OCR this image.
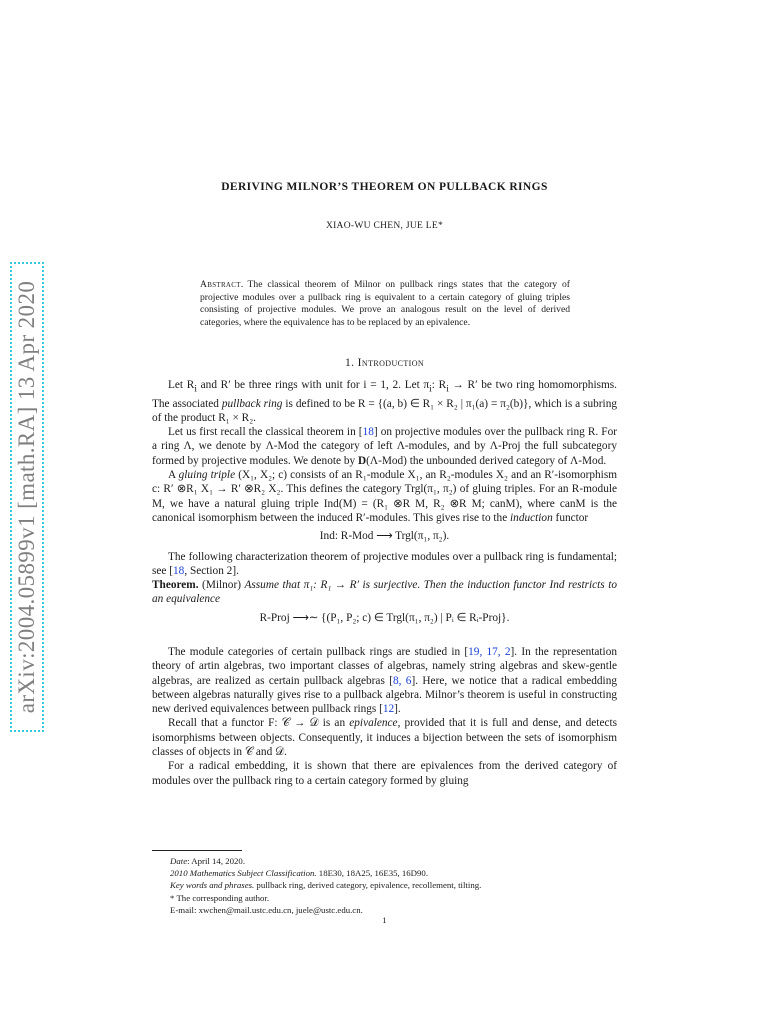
arXiv:2004.05899v1 [math.RA] 13 Apr 2020
DERIVING MILNOR’S THEOREM ON PULLBACK RINGS
XIAO-WU CHEN, JUE LE*
Abstract. The classical theorem of Milnor on pullback rings states that the category of projective modules over a pullback ring is equivalent to a certain category of gluing triples consisting of projective modules. We prove an analogous result on the level of derived categories, where the equivalence has to be replaced by an epivalence.
1. Introduction

Let $R_i$ and R′ be three rings with unit for i = 1, 2. Let $\pi_i$: $R_i \to R'$ be two ring homomorphisms. The associated pullback ring is defined to be R = {(a, b) ∈ R₁ × R₂ | π₁(a) = π₂(b)}, which is a subring of the product R₁ × R₂.

Let us first recall the classical theorem in [18] on projective modules over the pullback ring R. For a ring Λ, we denote by Λ-Mod the category of left Λ-modules, and by Λ-Proj the full subcategory formed by projective modules. We denote by D(Λ-Mod) the unbounded derived category of Λ-Mod.

A gluing triple (X₁, X₂; c) consists of an R₁-module X₁, an R₂-modules X₂ and an R′-isomorphism c: R′ ⊗R₁ X₁ → R′ ⊗R₂ X₂. This defines the category Trgl(π₁, π₂) of gluing triples. For an R-module M, we have a natural gluing triple Ind(M) = (R₁ ⊗R M, R₂ ⊗R M; canM), where canM is the canonical isomorphism between the induced R′-modules. This gives rise to the induction functor

Ind: R-Mod ⟶ Trgl(π₁, π₂).

The following characterization theorem of projective modules over a pullback ring is fundamental; see [18, Section 2].

Theorem. (Milnor) Assume that π₁: R₁ → R′ is surjective. Then the induction functor Ind restricts to an equivalence

R-Proj ⟶∼ {(P₁, P₂; c) ∈ Trgl(π₁, π₂) | Pᵢ ∈ Rᵢ-Proj}.

The module categories of certain pullback rings are studied in [19, 17, 2]. In the representation theory of artin algebras, two important classes of algebras, namely string algebras and skew-gentle algebras, are realized as certain pullback algebras [8, 6]. Here, we notice that a radical embedding between algebras naturally gives rise to a pullback algebra. Milnor’s theorem is useful in constructing new derived equivalences between pullback rings [12].

Recall that a functor F: 𝒞 → 𝒟 is an epivalence, provided that it is full and dense, and detects isomorphisms between objects. Consequently, it induces a bijection between the sets of isomorphism classes of objects in 𝒞 and 𝒟.

For a radical embedding, it is shown that there are epivalences from the derived category of modules over the pullback ring to a certain category formed by gluing

Date: April 14, 2020.
2010 Mathematics Subject Classification. 18E30, 18A25, 16E35, 16D90.
Key words and phrases. pullback ring, derived category, epivalence, recollement, tilting.
* The corresponding author.
E-mail: xwchen@mail.ustc.edu.cn, juele@ustc.edu.cn.
1
